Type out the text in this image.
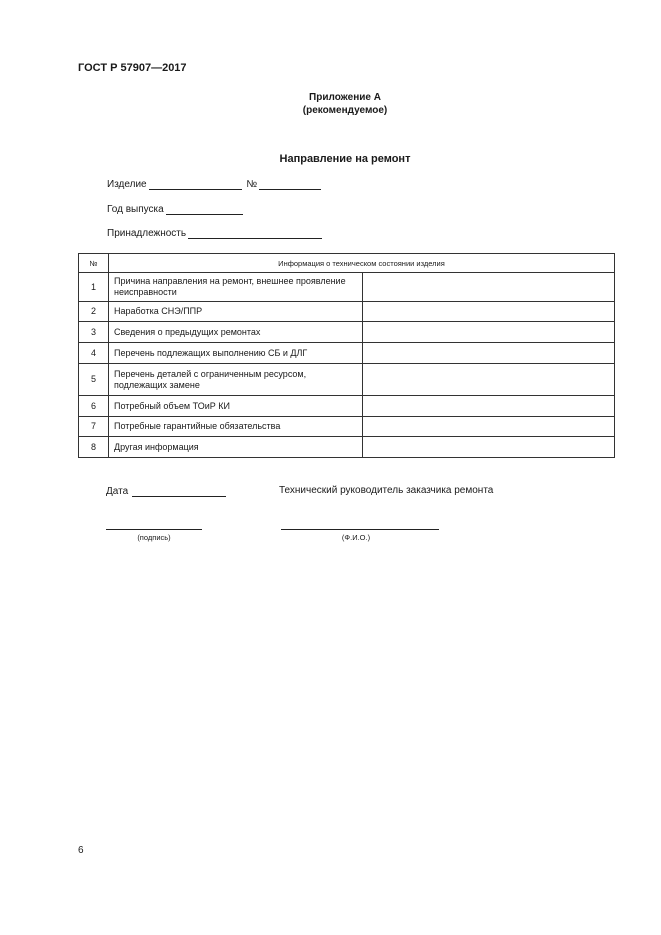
ГОСТ Р 57907—2017
Приложение А
(рекомендуемое)
Направление на ремонт
Изделие	№
Год выпуска
Принадлежность
№	Информация о техническом состоянии изделия	
1	Причина направления на ремонт, внешнее проявление неисправности	
2	Наработка СНЭ/ППР	
3	Сведения о предыдущих ремонтах	
4	Перечень подлежащих выполнению СБ и ДЛГ	
5	Перечень деталей с ограниченным ресурсом, подлежащих замене	
6	Потребный объем ТОиР КИ	
7	Потребные гарантийные обязательства	
8	Другая информация	
Дата	Технический руководитель заказчика ремонта
(подпись)	(Ф.И.О.)
6
